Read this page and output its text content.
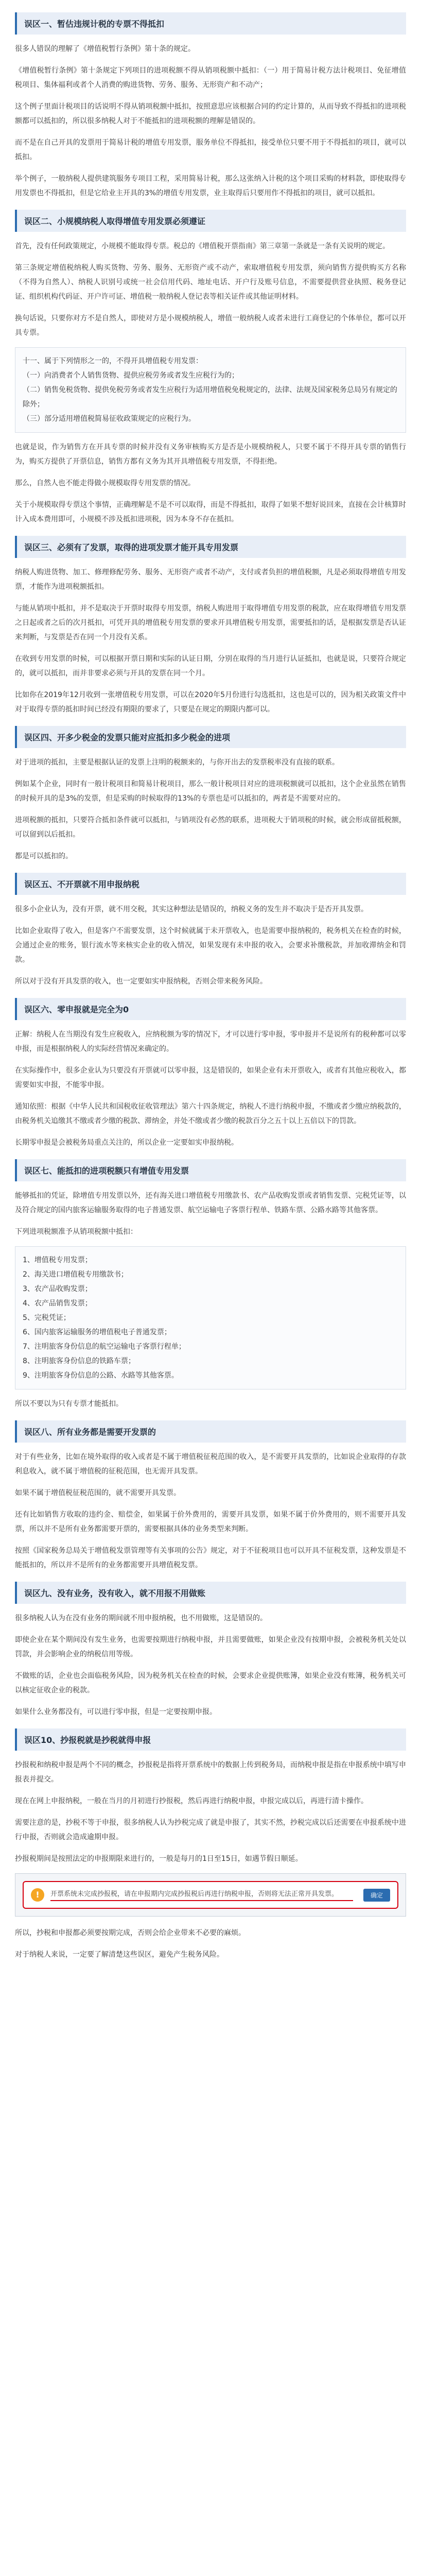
误区一、暂估违规计税的专票不得抵扣

很多人错误的理解了《增值税暂行条例》第十条的规定。

《增值税暂行条例》第十条规定下列项目的进项税额不得从销项税额中抵扣：（一）用于简易计税方法计税项目、免征增值税项目、集体福利或者个人消费的购进货物、劳务、服务、无形资产和不动产；

这个例子里面计税项目的话说明不得从销项税额中抵扣，按照意思应该根据合同的约定计算的，从而导致不得抵扣的进项税额都可以抵扣的，所以很多纳税人对于不能抵扣的进项税额的理解是错误的。

而不是在自己开具的发票用于简易计税的增值专用发票，服务单位不得抵扣，接受单位只要不用于不得抵扣的项目，就可以抵扣。

举个例子，一般纳税人提供建筑服务专项目工程，采用简易计税，那么这张纳入计税的这个项目采购的材料款，即使取得专用发票也不得抵扣，但是它给业主开具的3%的增值专用发票，业主取得后只要用作不得抵扣的项目，就可以抵扣。

误区二、小规模纳税人取得增值专用发票必须遵证

首先，没有任何政策规定，小规模不能取得专票。税总的《增值税开票指南》第三章第一条就是一条有关说明的规定。

第三条规定增值税纳税人购买货物、劳务、服务、无形资产或不动产，索取增值税专用发票，须向销售方提供购买方名称（不得为自然人）、纳税人识别号或统一社会信用代码、地址电话、开户行及账号信息，不需要提供营业执照、税务登记证、组织机构代码证、开户许可证、增值税一般纳税人登记表等相关证件或其他证明材料。

换句话说，只要你对方不是自然人，即使对方是小规模纳税人，增值一般纳税人或者未进行工商登记的个体单位，都可以开具专票。

十一、属于下列情形之一的，不得开具增值税专用发票：
（一）向消费者个人销售货物、提供应税劳务或者发生应税行为的；
（二）销售免税货物、提供免税劳务或者发生应税行为适用增值税免税规定的，法律、法规及国家税务总局另有规定的除外；
（三）部分适用增值税简易征收政策规定的应税行为。

也就是说，作为销售方在开具专票的时候并没有义务审核购买方是否是小规模纳税人，只要不属于不得开具专票的销售行为，购买方提供了开票信息，销售方都有义务为其开具增值税专用发票，不得拒绝。

那么，自然人也不能走得做小规模取得专用发票的情况。

关于小规模取得专票这个事情，正确理解是不是不可以取得，而是不得抵扣，取得了如果不想好说回来，直接在会计核算时计入成本费用即可，小规模不涉及抵扣进项税，因为本身不存在抵扣。

误区三、必须有了发票，取得的进项发票才能开具专用发票

纳税人购进货物、加工、修理修配劳务、服务、无形资产或者不动产，支付或者负担的增值税额，凡是必须取得增值专用发票，才能作为进项税额抵扣。

与能从销项中抵扣，并不是取决于开票时取得专用发票，纳税人购进用于取得增值专用发票的税款，应在取得增值专用发票之日起或者之后的次月抵扣，可凭开具的增值税专用发票的要求开具增值税专用发票，需要抵扣的话，是根据发票是否认证来判断，与发票是否在同一个月没有关系。

在收到专用发票的时候，可以根据开票日期和实际的认证日期，分别在取得的当月进行认证抵扣，也就是说，只要符合规定的，就可以抵扣，而并非要求必须与开具的发票在同一个月。

比如你在2019年12月收到一张增值税专用发票，可以在2020年5月份进行勾选抵扣，这也是可以的，因为相关政策文件中对于取得专票的抵扣时间已经没有期限的要求了，只要是在规定的期限内都可以。

误区四、开多少税金的发票只能对应抵扣多少税金的进项

对于进项的抵扣，主要是根据认证的发票上注明的税额来的，与你开出去的发票税率没有直接的联系。

例如某个企业，同时有一般计税项目和简易计税项目，那么一般计税项目对应的进项税额就可以抵扣，这个企业虽然在销售的时候开具的是3%的发票，但是采购的时候取得的13%的专票也是可以抵扣的，两者是不需要对应的。

进项税额的抵扣，只要符合抵扣条件就可以抵扣，与销项没有必然的联系，进项税大于销项税的时候，就会形成留抵税额，可以留到以后抵扣。

都是可以抵扣的。

误区五、不开票就不用申报纳税

很多小企业认为，没有开票，就不用交税，其实这种想法是错误的，纳税义务的发生并不取决于是否开具发票。

比如企业取得了收入，但是客户不需要发票，这个时候就属于未开票收入，也是需要申报纳税的，税务机关在检查的时候，会通过企业的账务，银行流水等来核实企业的收入情况，如果发现有未申报的收入，会要求补缴税款，并加收滞纳金和罚款。

所以对于没有开具发票的收入，也一定要如实申报纳税，否则会带来税务风险。

误区六、零申报就是完全为0

正解：纳税人在当期没有发生应税收入，应纳税额为零的情况下，才可以进行零申报，零申报并不是说所有的税种都可以零申报，而是根据纳税人的实际经营情况来确定的。

在实际操作中，很多企业认为只要没有开票就可以零申报，这是错误的，如果企业有未开票收入，或者有其他应税收入，都需要如实申报，不能零申报。

通知依照：根据《中华人民共和国税收征收管理法》第六十四条规定，纳税人不进行纳税申报，不缴或者少缴应纳税款的，由税务机关追缴其不缴或者少缴的税款、滞纳金，并处不缴或者少缴的税款百分之五十以上五倍以下的罚款。

长期零申报是会被税务局重点关注的，所以企业一定要如实申报纳税。

误区七、能抵扣的进项税额只有增值专用发票

能够抵扣的凭证，除增值专用发票以外，还有海关进口增值税专用缴款书、农产品收购发票或者销售发票、完税凭证等，以及符合规定的国内旅客运输服务取得的电子普通发票、航空运输电子客票行程单、铁路车票、公路水路等其他客票。

下列进项税额准予从销项税额中抵扣：

1、增值税专用发票；
2、海关进口增值税专用缴款书；
3、农产品收购发票；
4、农产品销售发票；
5、完税凭证；
6、国内旅客运输服务的增值税电子普通发票；
7、注明旅客身份信息的航空运输电子客票行程单；
8、注明旅客身份信息的铁路车票；
9、注明旅客身份信息的公路、水路等其他客票。

所以不要以为只有专票才能抵扣。

误区八、所有业务都是需要开发票的

对于有些业务，比如在境外取得的收入或者是不属于增值税征税范围的收入，是不需要开具发票的，比如说企业取得的存款利息收入，就不属于增值税的征税范围，也无需开具发票。

如果不属于增值税征税范围的，就不需要开具发票。

还有比如销售方收取的违约金、赔偿金，如果属于价外费用的，需要开具发票，如果不属于价外费用的，则不需要开具发票，所以并不是所有业务都需要开票的，需要根据具体的业务类型来判断。

按照《国家税务总局关于增值税发票管理等有关事项的公告》规定，对于不征税项目也可以开具不征税发票，这种发票是不能抵扣的，所以并不是所有的业务都需要开具增值税发票。

误区九、没有业务，没有收入，就不用报不用做账

很多纳税人认为在没有业务的期间就不用申报纳税，也不用做账，这是错误的。

即使企业在某个期间没有发生业务，也需要按期进行纳税申报，并且需要做账，如果企业没有按期申报，会被税务机关处以罚款，并会影响企业的纳税信用等级。

不做账的话，企业也会面临税务风险，因为税务机关在检查的时候，会要求企业提供账簿，如果企业没有账簿，税务机关可以核定征收企业的税款。

如果什么业务都没有，可以进行零申报，但是一定要按期申报。

误区10、抄报税就是抄税就得申报

抄报税和纳税申报是两个不同的概念，抄报税是指将开票系统中的数据上传到税务局，而纳税申报是指在申报系统中填写申报表并提交。

现在在网上申报纳税，一般在当月的月初进行抄报税，然后再进行纳税申报，申报完成以后，再进行清卡操作。

需要注意的是，抄税不等于申报，很多纳税人认为抄税完成了就是申报了，其实不然，抄税完成以后还需要在申报系统中进行申报，否则就会造成逾期申报。

抄报税期间是按照法定的申报期限来进行的，一般是每月的1日至15日，如遇节假日顺延。

!	开票系统未完成抄报税，请在申报期内完成抄报税后再进行纳税申报，否则将无法正常开具发票。	确定

所以，抄税和申报都必须要按期完成，否则会给企业带来不必要的麻烦。

对于纳税人来说，一定要了解清楚这些误区，避免产生税务风险。
